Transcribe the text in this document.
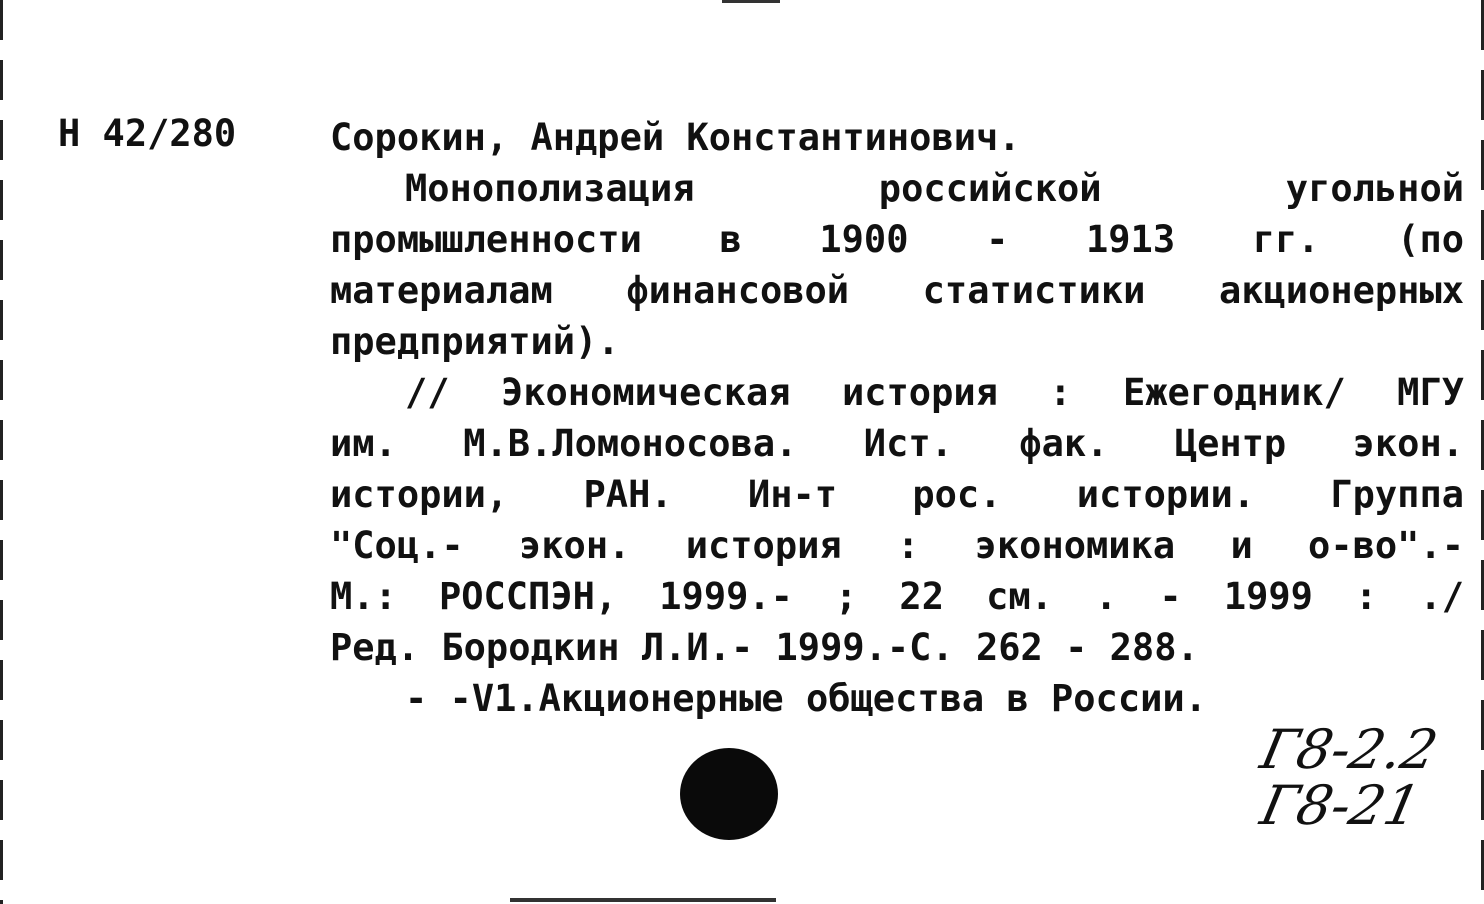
Н 42/280	Сорокин, Андрей Константинович.
Монополизация российской угольной
промышленности в 1900 - 1913 гг. (по
материалам финансовой статистики акционерных
предприятий).
// Экономическая история : Ежегодник/ МГУ
им. М.В.Ломоносова. Ист. фак. Центр экон.
истории, РАН. Ин-т рос. истории. Группа
"Соц.- экон. история : экономика и о-во".-
М.: РОССПЭН, 1999.- ; 22 см. . - 1999 : ./
Ред. Бородкин Л.И.- 1999.-С. 262 - 288.
- -V1.Акционерные общества в России.
Г8-2.2
Г8-21
